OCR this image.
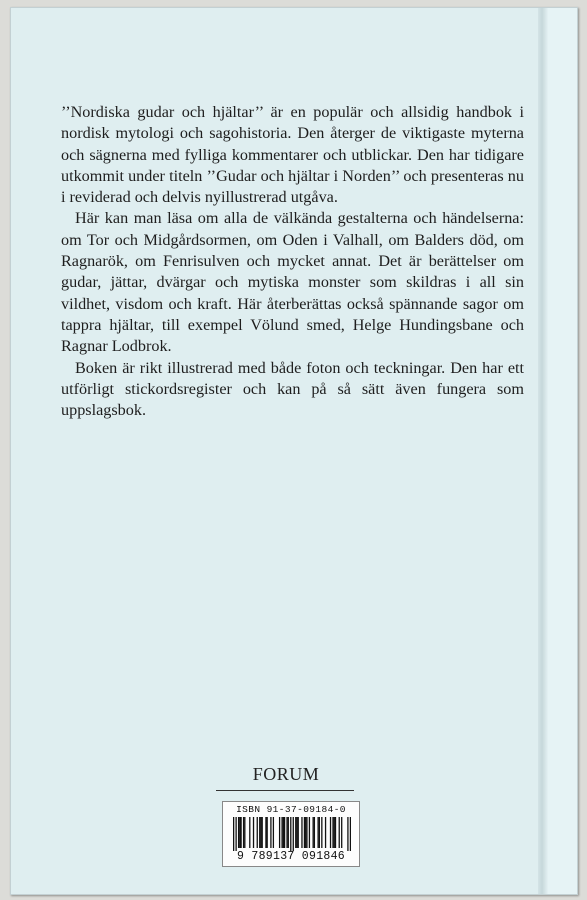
’’Nordiska gudar och hjältar’’ är en populär och allsidig handbok i nordisk mytologi och sagohistoria. Den återger de viktigaste myterna och sägnerna med fylliga kommentarer och utblickar. Den har tidigare utkommit under titeln ’’Gudar och hjältar i Norden’’ och presenteras nu i reviderad och delvis nyillustrerad utgåva.

Här kan man läsa om alla de välkända gestalterna och händelserna: om Tor och Midgårdsormen, om Oden i Valhall, om Balders död, om Ragnarök, om Fenrisulven och mycket annat. Det är berättelser om gudar, jättar, dvärgar och mytiska monster som skildras i all sin vildhet, visdom och kraft. Här återberättas också spännande sagor om tappra hjältar, till exempel Völund smed, Helge Hundingsbane och Ragnar Lodbrok.

Boken är rikt illustrerad med både foton och teckningar. Den har ett utförligt stickordsregister och kan på så sätt även fungera som uppslagsbok.

FORUM
ISBN 91-37-09184-0
9 789137 091846
